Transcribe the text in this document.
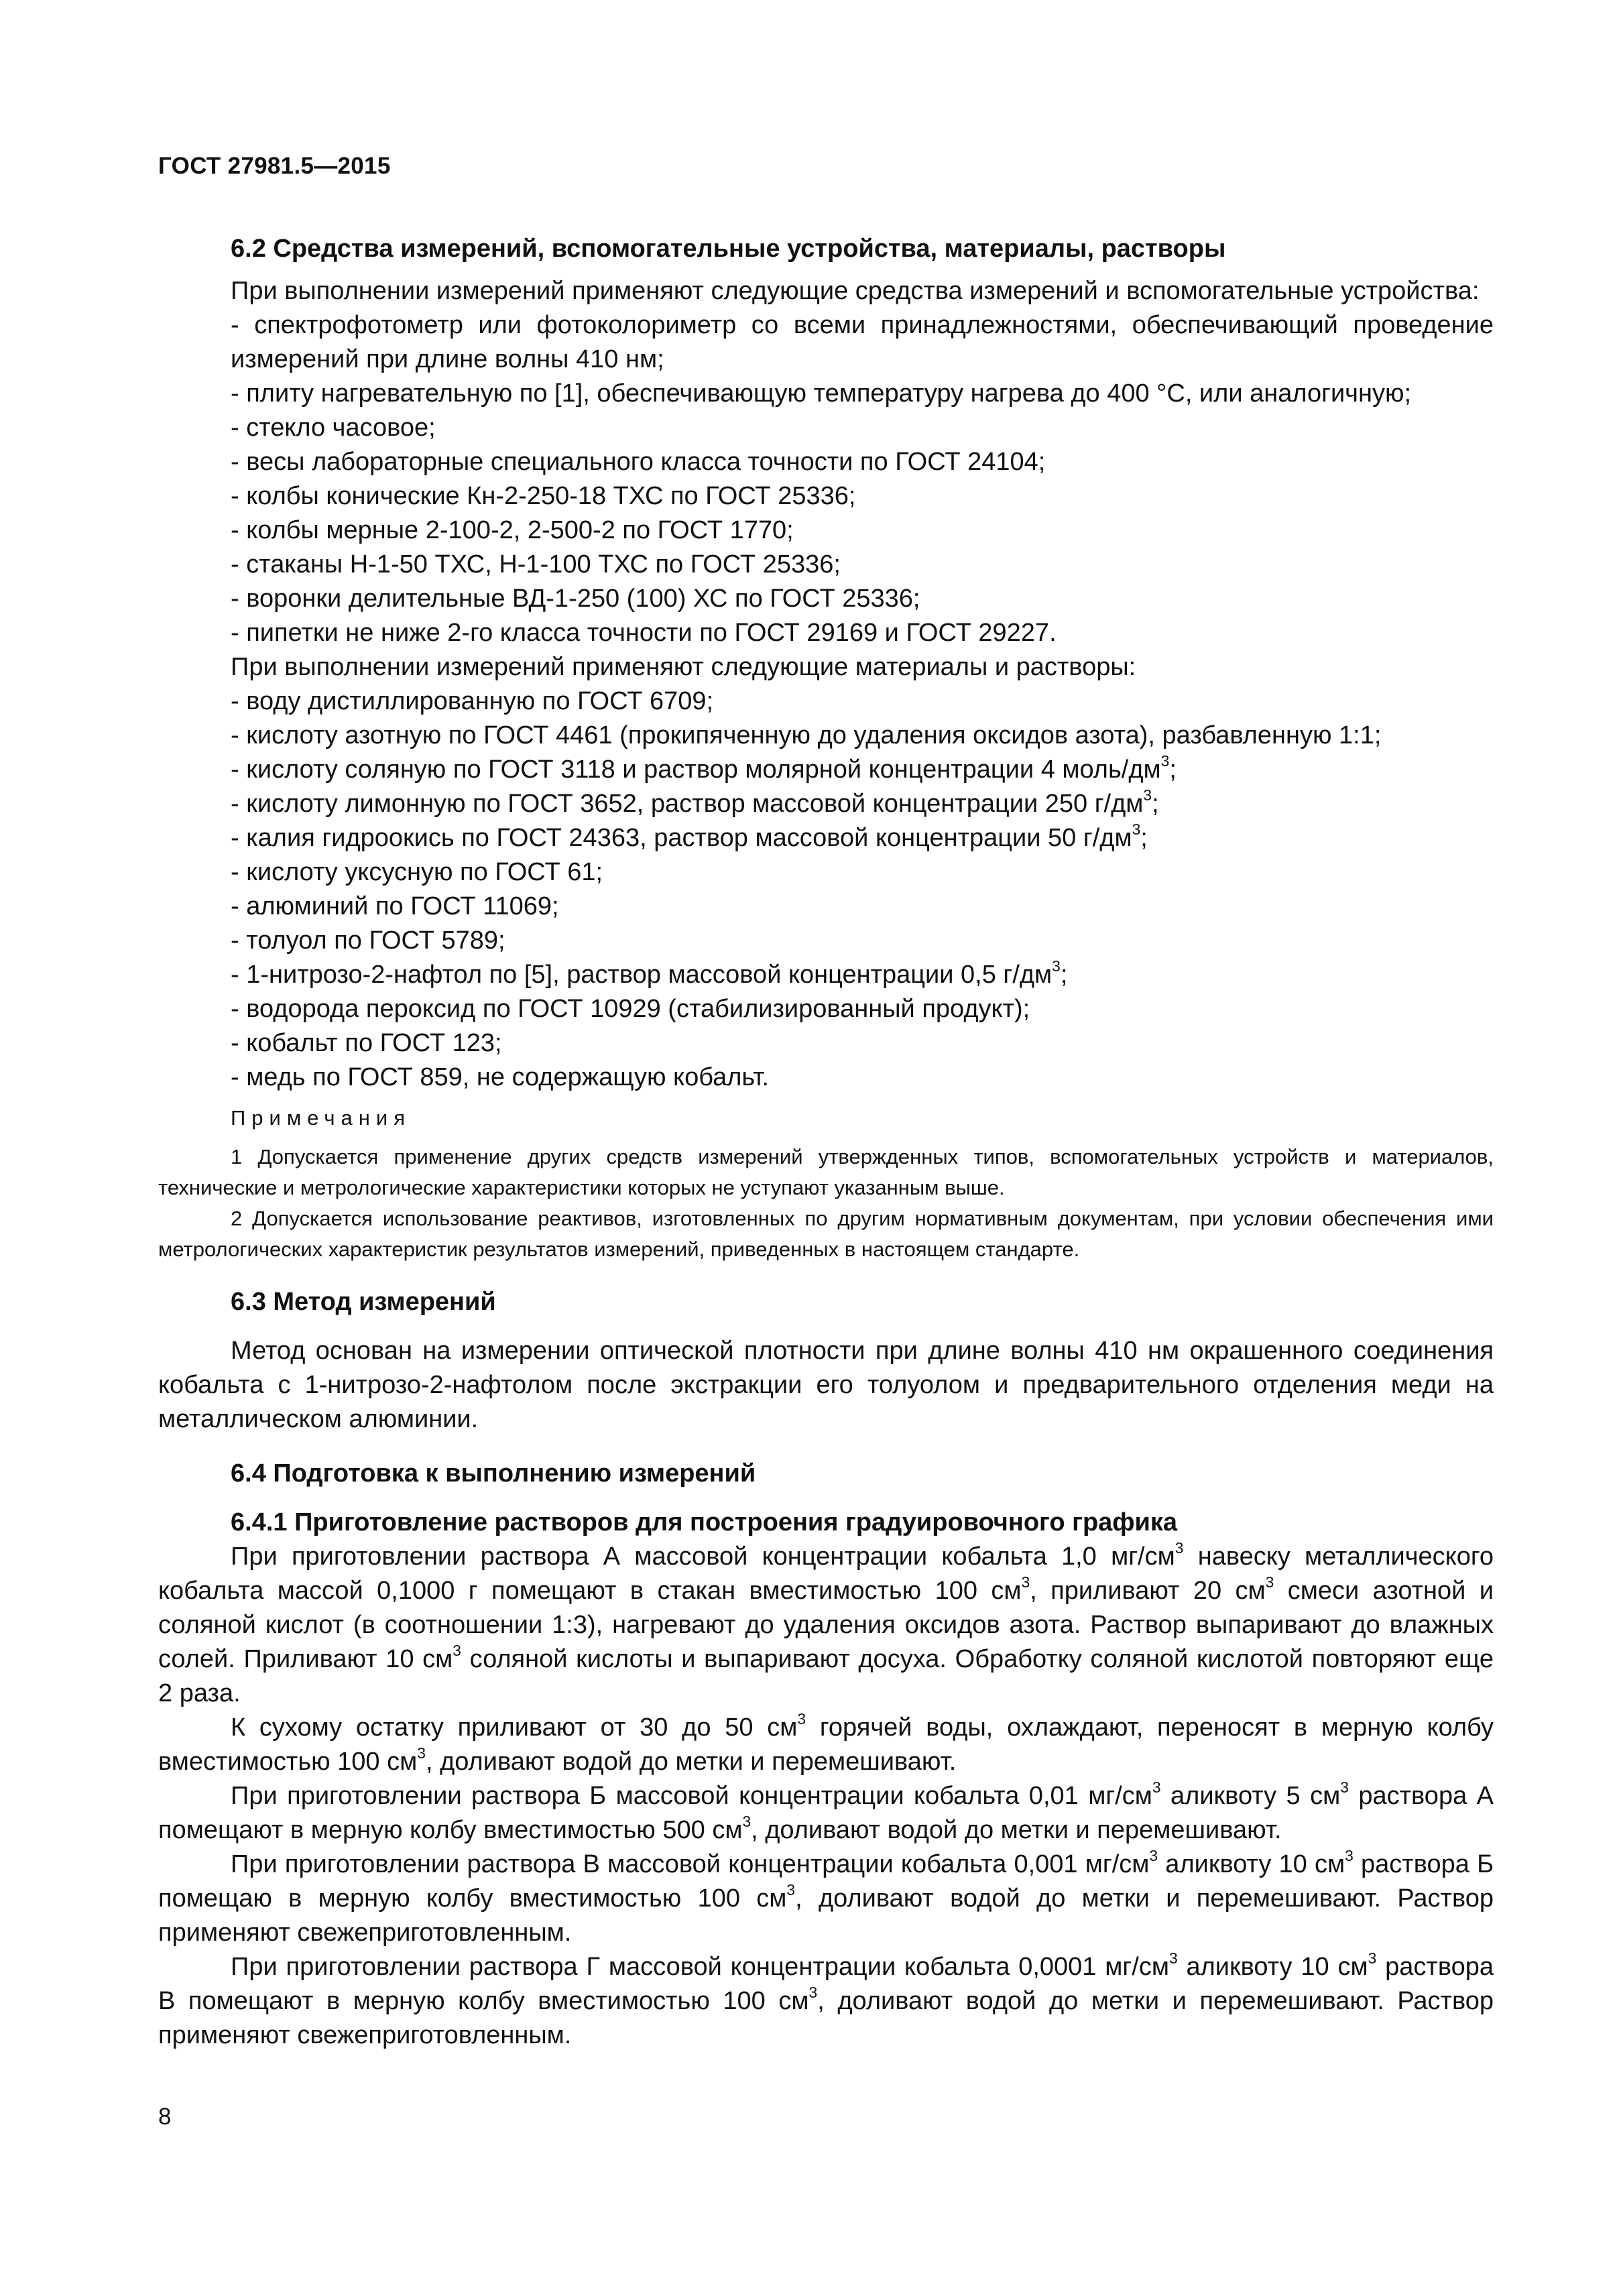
ГОСТ 27981.5—2015

6.2 Средства измерений, вспомогательные устройства, материалы, растворы

При выполнении измерений применяют следующие средства измерений и вспомогательные устройства:

- спектрофотометр или фотоколориметр со всеми принадлежностями, обеспечивающий проведение измерений при длине волны 410 нм;

- плиту нагревательную по [1], обеспечивающую температуру нагрева до 400 °С, или аналогичную;

- стекло часовое;

- весы лабораторные специального класса точности по ГОСТ 24104;

- колбы конические Кн-2-250-18 ТХС по ГОСТ 25336;

- колбы мерные 2-100-2, 2-500-2 по ГОСТ 1770;

- стаканы Н-1-50 ТХС, Н-1-100 ТХС по ГОСТ 25336;

- воронки делительные ВД-1-250 (100) ХС по ГОСТ 25336;

- пипетки не ниже 2-го класса точности по ГОСТ 29169 и ГОСТ 29227.

При выполнении измерений применяют следующие материалы и растворы:

- воду дистиллированную по ГОСТ 6709;

- кислоту азотную по ГОСТ 4461 (прокипяченную до удаления оксидов азота), разбавленную 1:1;

- кислоту соляную по ГОСТ 3118 и раствор молярной концентрации 4 моль/$дм^3$;

- кислоту лимонную по ГОСТ 3652, раствор массовой концентрации 250 $г/дм^3$;

- калия гидроокись по ГОСТ 24363, раствор массовой концентрации 50 $г/дм^3$;

- кислоту уксусную по ГОСТ 61;

- алюминий по ГОСТ 11069;

- толуол по ГОСТ 5789;

- 1-нитрозо-2-нафтол по [5], раствор массовой концентрации 0,5 $г/дм^3$;

- водорода пероксид по ГОСТ 10929 (стабилизированный продукт);

- кобальт по ГОСТ 123;

- медь по ГОСТ 859, не содержащую кобальт.

Примечания

1 Допускается применение других средств измерений утвержденных типов, вспомогательных устройств и материалов, технические и метрологические характеристики которых не уступают указанным выше.

2 Допускается использование реактивов, изготовленных по другим нормативным документам, при условии обеспечения ими метрологических характеристик результатов измерений, приведенных в настоящем стандарте.

6.3 Метод измерений

Метод основан на измерении оптической плотности при длине волны 410 нм окрашенного соединения кобальта с 1-нитрозо-2-нафтолом после экстракции его толуолом и предварительного отделения меди на металлическом алюминии.

6.4 Подготовка к выполнению измерений

6.4.1 Приготовление растворов для построения градуировочного графика

При приготовлении раствора А массовой концентрации кобальта 1,0 $мг/см^3$ навеску металлического кобальта массой 0,1000 г помещают в стакан вместимостью 100 $см^3$, приливают 20 $см^3$ смеси азотной и соляной кислот (в соотношении 1:3), нагревают до удаления оксидов азота. Раствор выпаривают до влажных солей. Приливают 10 $см^3$ соляной кислоты и выпаривают досуха. Обработку соляной кислотой повторяют еще 2 раза.

К сухому остатку приливают от 30 до 50 $см^3$ горячей воды, охлаждают, переносят в мерную колбу вместимостью 100 $см^3$, доливают водой до метки и перемешивают.

При приготовлении раствора Б массовой концентрации кобальта 0,01 $мг/см^3$ аликвоту 5 $см^3$ раствора А помещают в мерную колбу вместимостью 500 $см^3$, доливают водой до метки и перемешивают.

При приготовлении раствора В массовой концентрации кобальта 0,001 $мг/см^3$ аликвоту 10 $см^3$ раствора Б помещаю в мерную колбу вместимостью 100 $см^3$, доливают водой до метки и перемешивают. Раствор применяют свежеприготовленным.

При приготовлении раствора Г массовой концентрации кобальта 0,0001 $мг/см^3$ аликвоту 10 $см^3$ раствора В помещают в мерную колбу вместимостью 100 $см^3$, доливают водой до метки и перемешивают. Раствор применяют свежеприготовленным.

8
